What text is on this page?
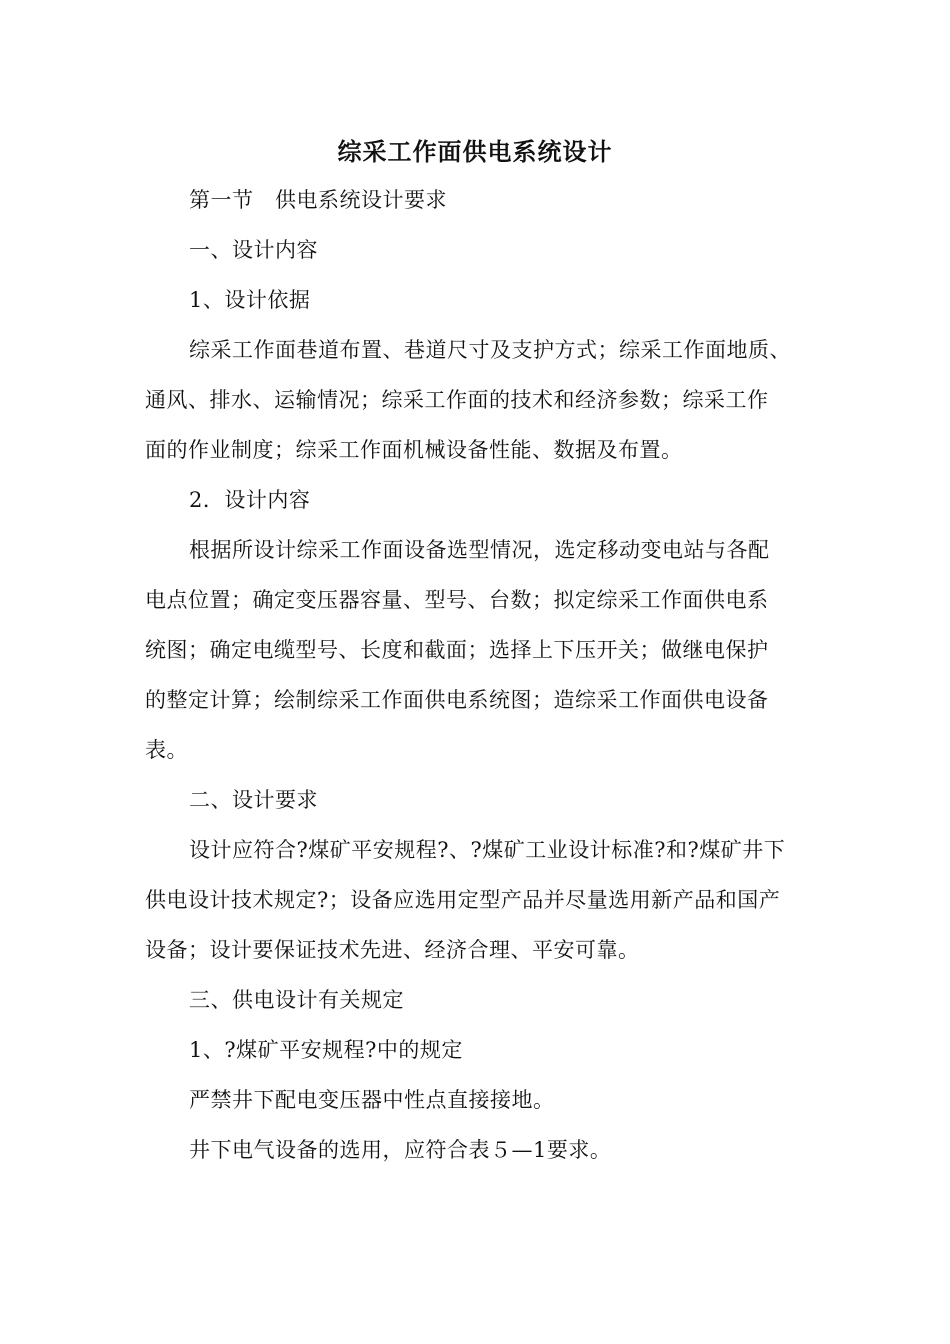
综采工作面供电系统设计
第一节　供电系统设计要求
一、设计内容
1、设计依据
综采工作面巷道布置、巷道尺寸及支护方式；综采工作面地质、
通风、排水、运输情况；综采工作面的技术和经济参数；综采工作
面的作业制度；综采工作面机械设备性能、数据及布置。
2．设计内容
根据所设计综采工作面设备选型情况，选定移动变电站与各配
电点位置；确定变压器容量、型号、台数；拟定综采工作面供电系
统图；确定电缆型号、长度和截面；选择上下压开关；做继电保护
的整定计算；绘制综采工作面供电系统图；造综采工作面供电设备
表。
二、设计要求
设计应符合?煤矿平安规程?、?煤矿工业设计标准?和?煤矿井下
供电设计技术规定?；设备应选用定型产品并尽量选用新产品和国产
设备；设计要保证技术先进、经济合理、平安可靠。
三、供电设计有关规定
1、?煤矿平安规程?中的规定
严禁井下配电变压器中性点直接接地。
井下电气设备的选用，应符合表５—1要求。
